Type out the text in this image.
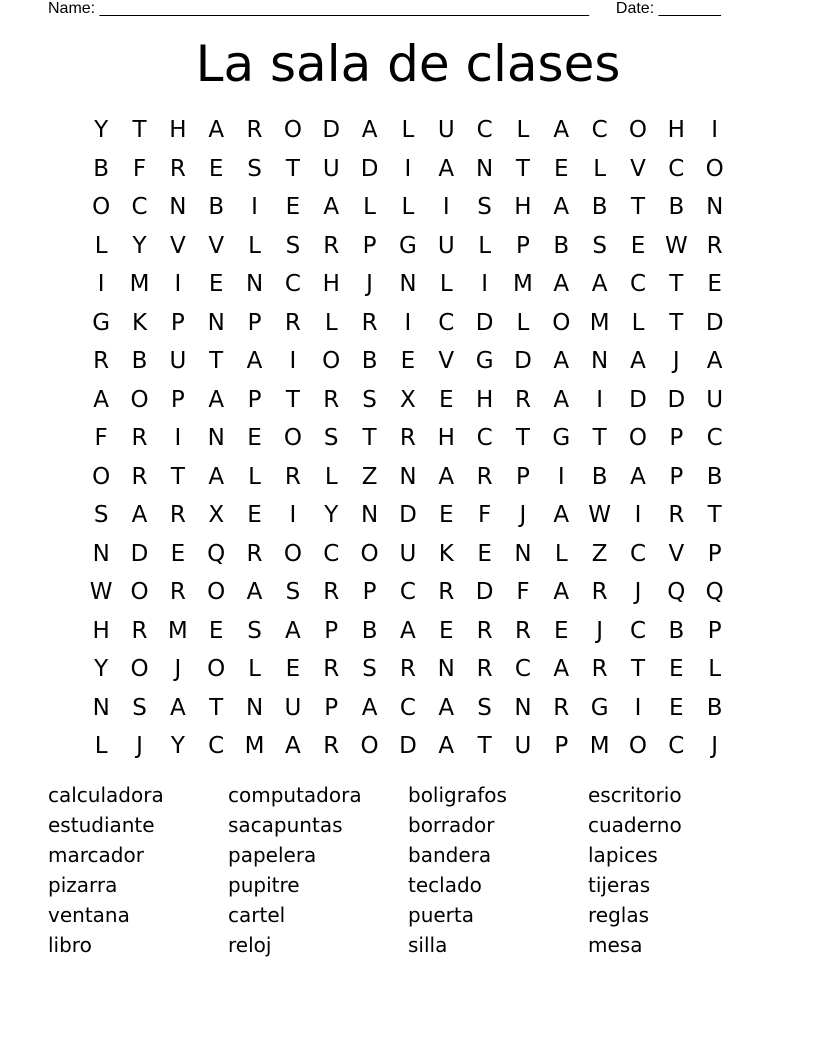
Name: _______________________________________________________ Date: _______
La sala de clases
Y	T H A R O D A	L	U C	L	A C O H	I
B	F	R	E	S	T U D	I	A N T	E	L	V C O
O C N B	I	E	A	L	L	I	S H A B	T	B N
L	Y	V V	L	S	R	P G U	L	P	B	S	E W R
I	M	I	E N C H	J	N	L	I	M A A C	T	E
G K	P N P	R	L	R	I	C D	L O M L	T D
R B U T	A	I	O B	E	V G D A N A	J	A
A O P	A	P	T	R	S	X	E H R A	I	D D U
F	R	I	N E O S	T	R H C	T G T O P	C
O R	T	A	L	R	L	Z N A R	P	I	B A	P	B
S	A R X	E	I	Y N D E	F	J	A W	I	R	T
N D E Q R O C O U K	E N	L	Z C V	P
W O R O A	S	R	P	C R D F	A R	J	Q Q
H R M E	S	A	P	B A	E	R R	E	J	C B	P
Y O	J	O L	E	R	S	R N R C A R	T	E	L
N S	A	T N U P	A C A	S N R G	I	E	B
L	J	Y	C M A R O D A	T U P M O C	J
calculadora	computadora	boligrafos	escritorio
estudiante	sacapuntas	borrador	cuaderno
marcador	papelera	bandera	lapices
pizarra	pupitre	teclado	tijeras
ventana	cartel	puerta	reglas
libro	reloj	silla	mesa
